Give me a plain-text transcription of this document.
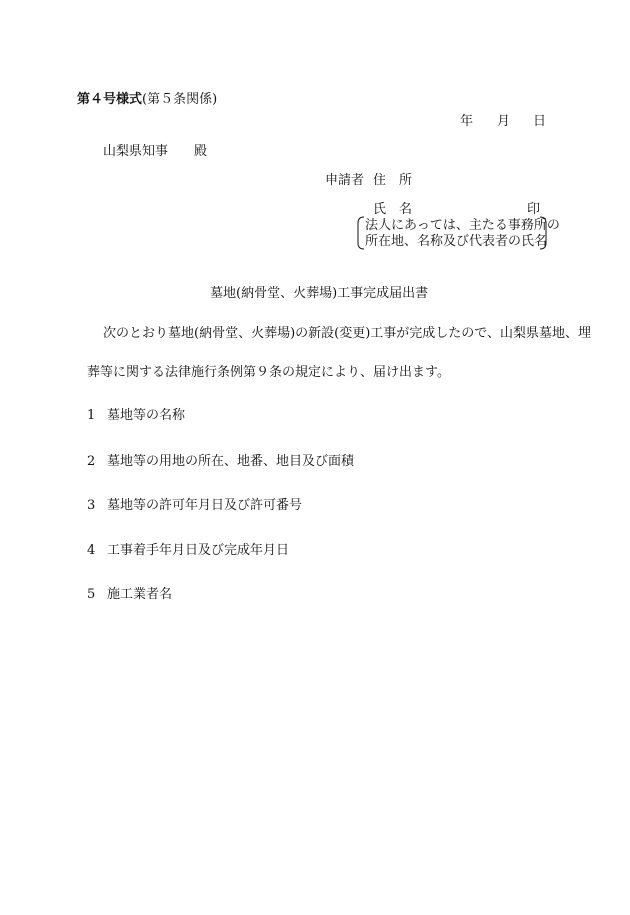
第４号様式(第５条関係)
年 月 日
山梨県知事　　殿
申請者 住　所
氏　名	印
法人にあっては、主たる事務所の
所在地、名称及び代表者の氏名
墓地(納骨堂、火葬場)工事完成届出書
次のとおり墓地(納骨堂、火葬場)の新設(変更)工事が完成したので、山梨県墓地、埋
葬等に関する法律施行条例第９条の規定により、届け出ます。
1 墓地等の名称
2 墓地等の用地の所在、地番、地目及び面積
3 墓地等の許可年月日及び許可番号
4 工事着手年月日及び完成年月日
5 施工業者名
